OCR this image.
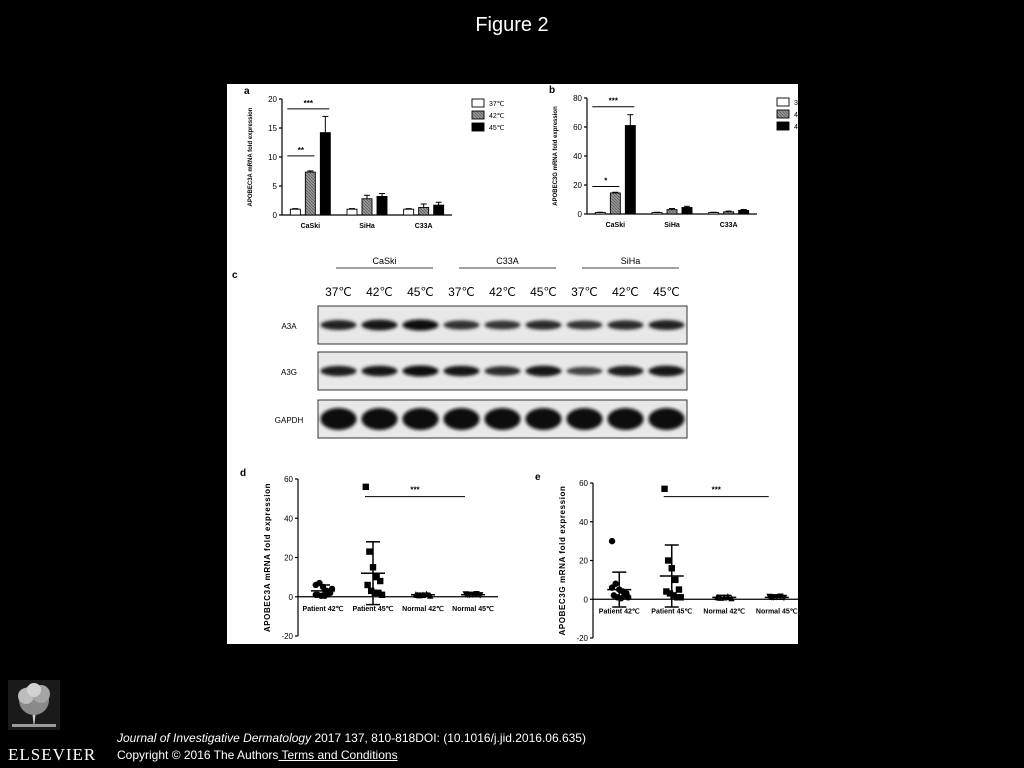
Figure 2
a
0
5
10
15
20
APOBEC3A mRNA fold expression
CaSki	SiHa	C33A
**
***	37℃
42℃
45℃
b
0
20
40
60
80
APOBEC3G mRNA fold expression
CaSki	SiHa	C33A
*
***	37℃
42℃
45℃
c
CaSki	C33A	SiHa
37℃ 42℃ 45℃ 37℃ 42℃ 45℃ 37℃ 42℃ 45℃
A3A
A3G
GAPDH
d
-20
0
20
40
60
APOBEC3A mRNA fold expression	Patient 42℃ Patient 45℃ Normal 42℃ Normal 45℃
***
e
-20
0
20
40
60
APOBEC3G mRNA fold expression	Patient 42℃ Patient 45℃ Normal 42℃ Normal 45℃
***
ELSEVIER
Journal of Investigative Dermatology 2017 137, 810-818DOI: (10.1016/j.jid.2016.06.635)
Copyright © 2016 The Authors Terms and Conditions
